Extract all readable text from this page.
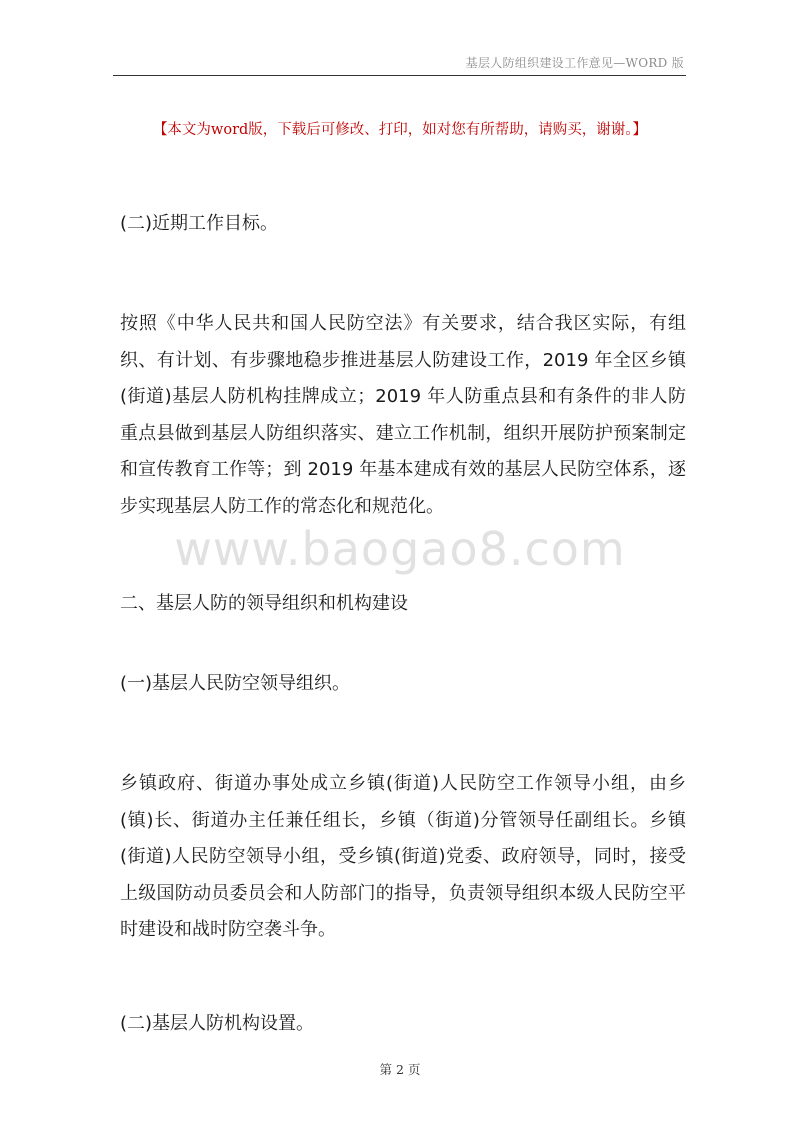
基层人防组织建设工作意见—WORD 版
【本文为word版，下载后可修改、打印，如对您有所帮助，请购买，谢谢。】
(二)近期工作目标。
按照《中华人民共和国人民防空法》有关要求，结合我区实际，有组织、有计划、有步骤地稳步推进基层人防建设工作，2019 年全区乡镇(街道)基层人防机构挂牌成立；2019 年人防重点县和有条件的非人防重点县做到基层人防组织落实、建立工作机制，组织开展防护预案制定和宣传教育工作等；到 2019 年基本建成有效的基层人民防空体系，逐步实现基层人防工作的常态化和规范化。
www.baogao8.com
二、基层人防的领导组织和机构建设
(一)基层人民防空领导组织。
乡镇政府、街道办事处成立乡镇(街道)人民防空工作领导小组，由乡(镇)长、街道办主任兼任组长，乡镇（街道)分管领导任副组长。乡镇(街道)人民防空领导小组，受乡镇(街道)党委、政府领导，同时，接受上级国防动员委员会和人防部门的指导，负责领导组织本级人民防空平时建设和战时防空袭斗争。
(二)基层人防机构设置。
第 2 页
